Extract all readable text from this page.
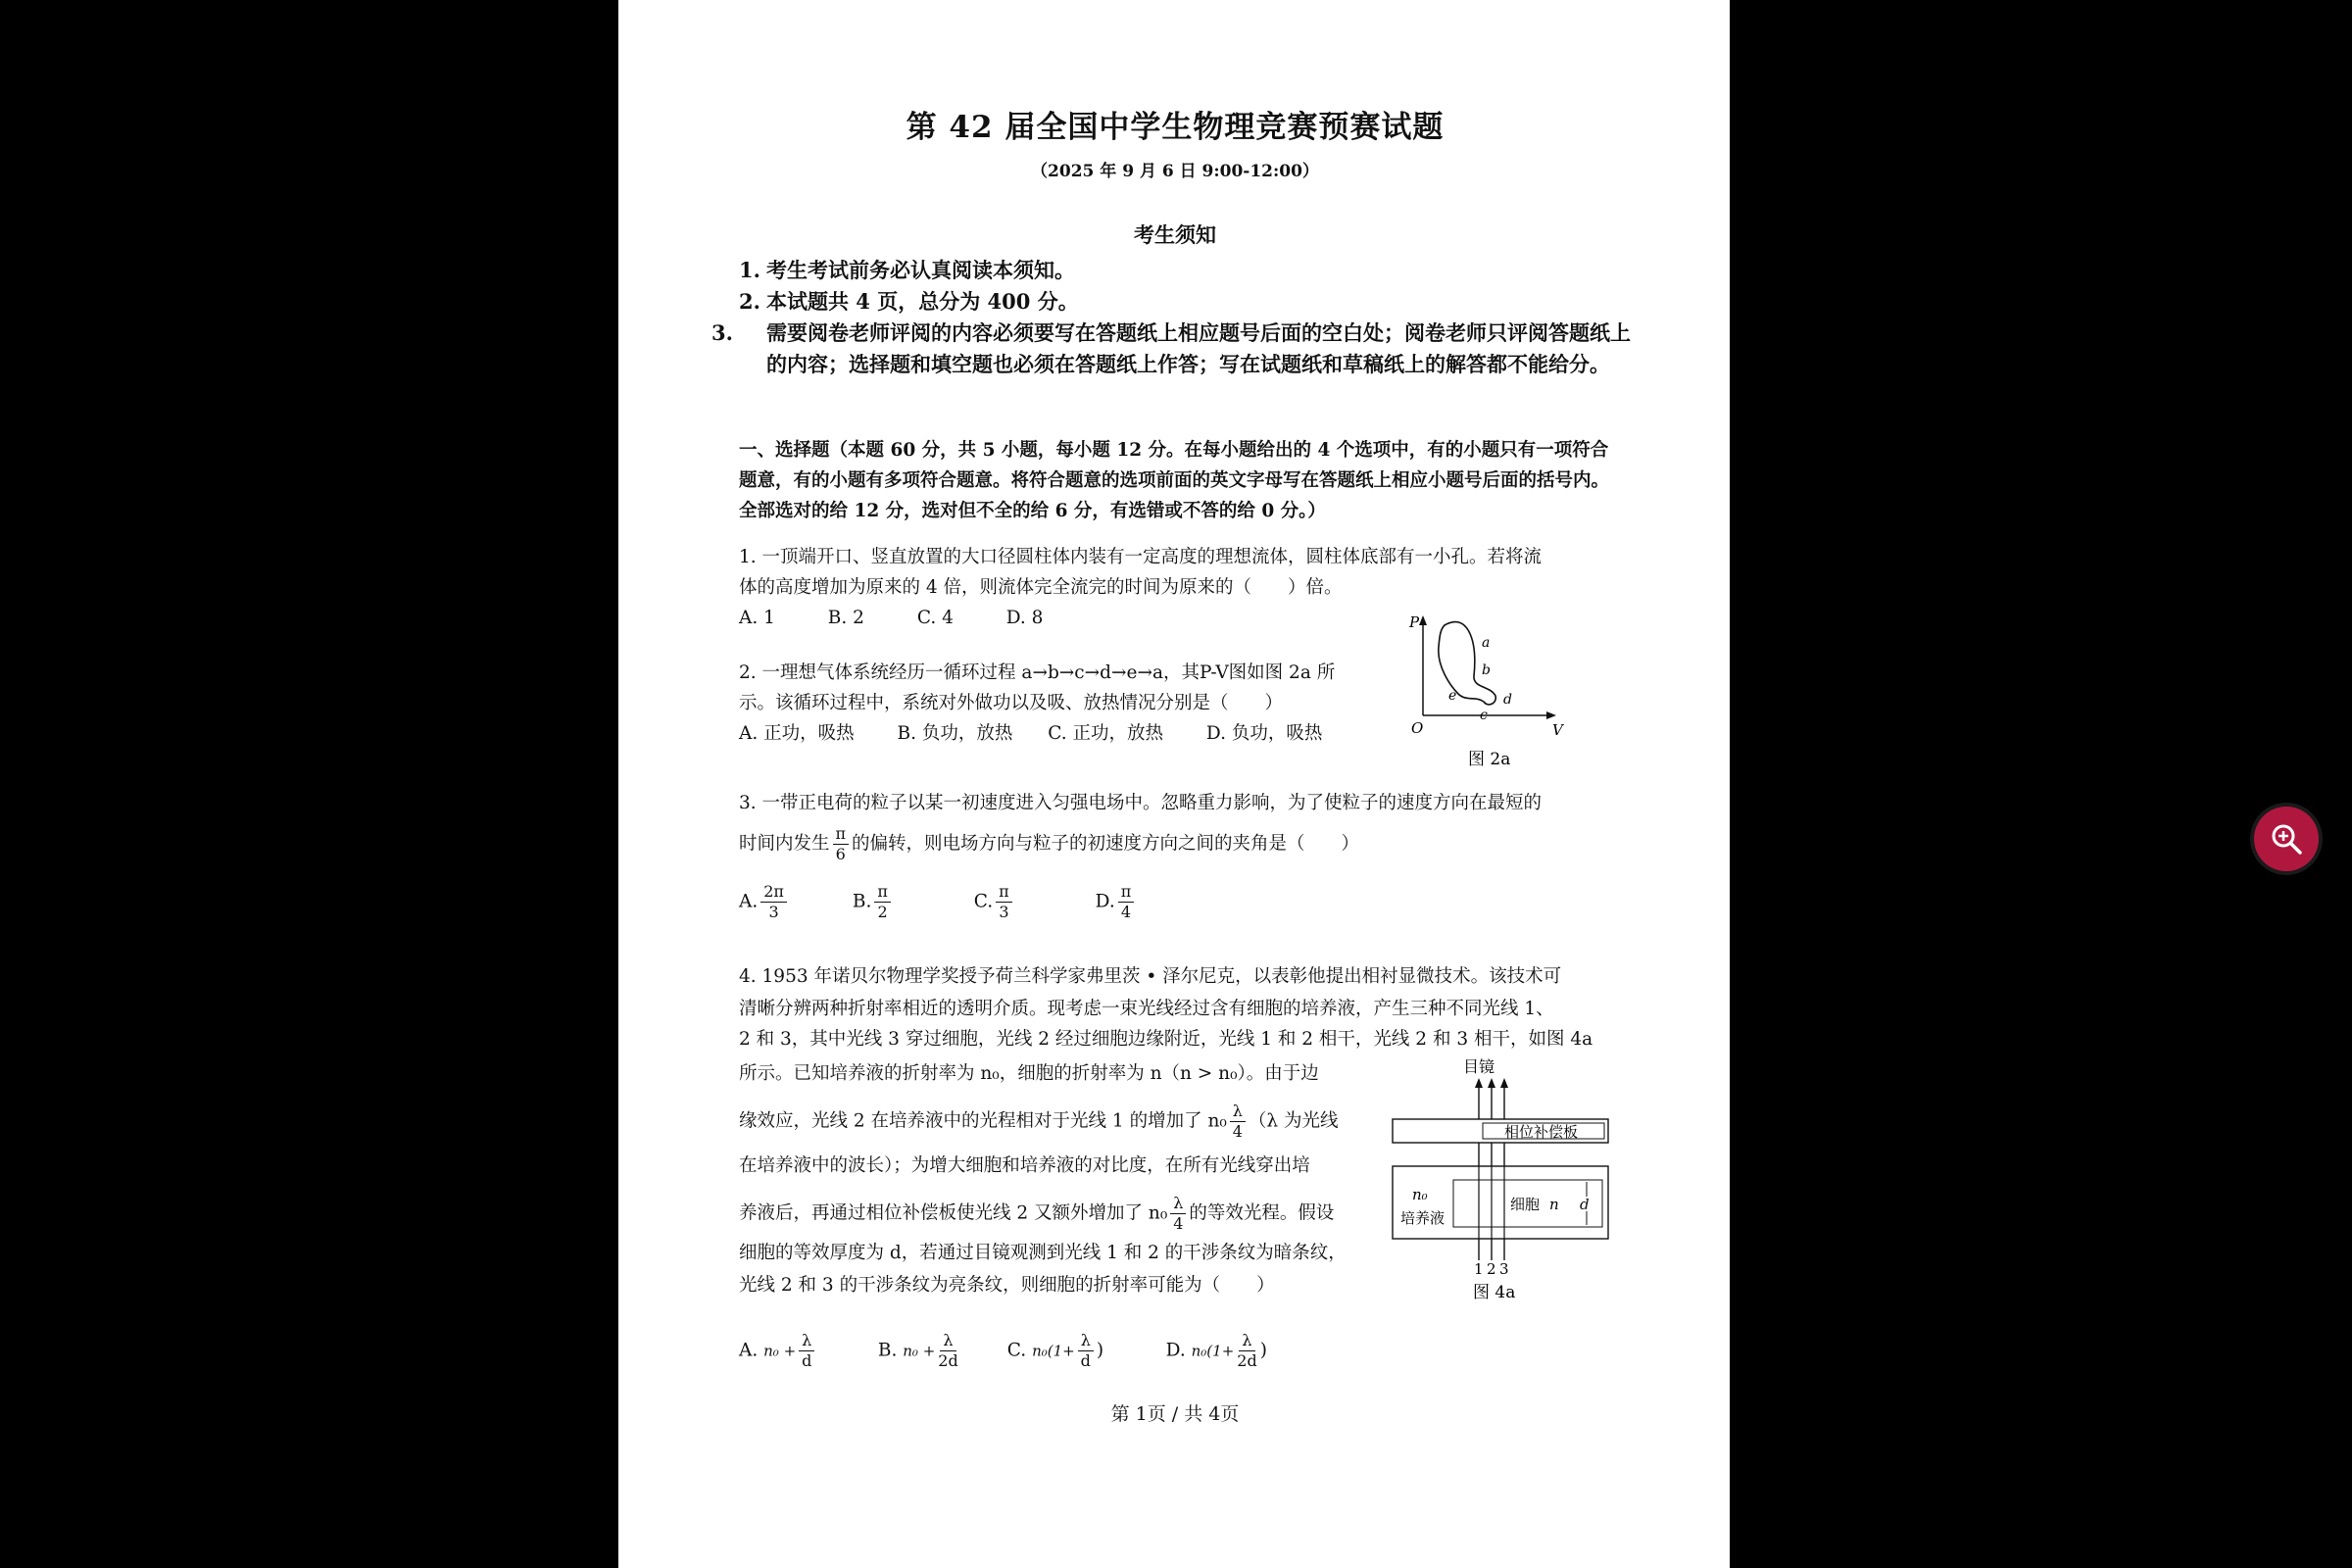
第 42 届全国中学生物理竞赛预赛试题
（2025 年 9 月 6 日 9:00-12:00）
考生须知
1. 考生考试前务必认真阅读本须知。
2. 本试题共 4 页，总分为 400 分。
3. 需要阅卷老师评阅的内容必须要写在答题纸上相应题号后面的空白处；阅卷老师只评阅答题纸上的内容；选择题和填空题也必须在答题纸上作答；写在试题纸和草稿纸上的解答都不能给分。
一、选择题（本题 60 分，共 5 小题，每小题 12 分。在每小题给出的 4 个选项中，有的小题只有一项符合题意，有的小题有多项符合题意。将符合题意的选项前面的英文字母写在答题纸上相应小题号后面的括号内。全部选对的给 12 分，选对但不全的给 6 分，有选错或不答的给 0 分。）
1. 一顶端开口、竖直放置的大口径圆柱体内装有一定高度的理想流体，圆柱体底部有一小孔。若将流
体的高度增加为原来的 4 倍，则流体完全流完的时间为原来的（　　）倍。
A. 1	B. 2	C. 4	D. 8
2. 一理想气体系统经历一循环过程 a→b→c→d→e→a，其P-V图如图 2a 所
示。该循环过程中，系统对外做功以及吸、放热情况分别是（　　）
A. 正功，吸热 B. 负功，放热 C. 正功，放热 D. 负功，吸热
P
V
O
a
b
c
d
e
图 2a
3. 一带正电荷的粒子以某一初速度进入匀强电场中。忽略重力影响，为了使粒子的速度方向在最短的
时间内发生 $\frac{\pi}{6}$ 的偏转，则电场方向与粒子的初速度方向之间的夹角是（　　）
A. $\frac{2\pi}{3}$	B. $\frac{\pi}{2}$	C. $\frac{\pi}{3}$	D. $\frac{\pi}{4}$
4. 1953 年诺贝尔物理学奖授予荷兰科学家弗里茨 • 泽尔尼克，以表彰他提出相衬显微技术。该技术可
清晰分辨两种折射率相近的透明介质。现考虑一束光线经过含有细胞的培养液，产生三种不同光线 1、
2 和 3，其中光线 3 穿过细胞，光线 2 经过细胞边缘附近，光线 1 和 2 相干，光线 2 和 3 相干，如图 4a
所示。已知培养液的折射率为 n₀，细胞的折射率为 n（n > n₀）。由于边
缘效应，光线 2 在培养液中的光程相对于光线 1 的增加了 $n_0 \frac{\lambda}{4} (\lambda$ 为光线
在培养液中的波长）；为增大细胞和培养液的对比度，在所有光线穿出培
养液后，再通过相位补偿板使光线 2 又额外增加了 $n_0 \frac{\lambda}{4}$ 的等效光程。假设
细胞的等效厚度为 d，若通过目镜观测到光线 1 和 2 的干涉条纹为暗条纹，
光线 2 和 3 的干涉条纹为亮条纹，则细胞的折射率可能为（　　）
目镜
相位补偿板
n₀
培养液
细胞 n d
1 2 3
图 4a
A. $n_0 + \frac{\lambda}{d}$	B. $n_0 + \frac{\lambda}{2d}$	C. $n_0(1+ \frac{\lambda}{d}$ )	D. $n_0(1+ \frac{\lambda}{2d}$ )
第 1页 / 共 4页
